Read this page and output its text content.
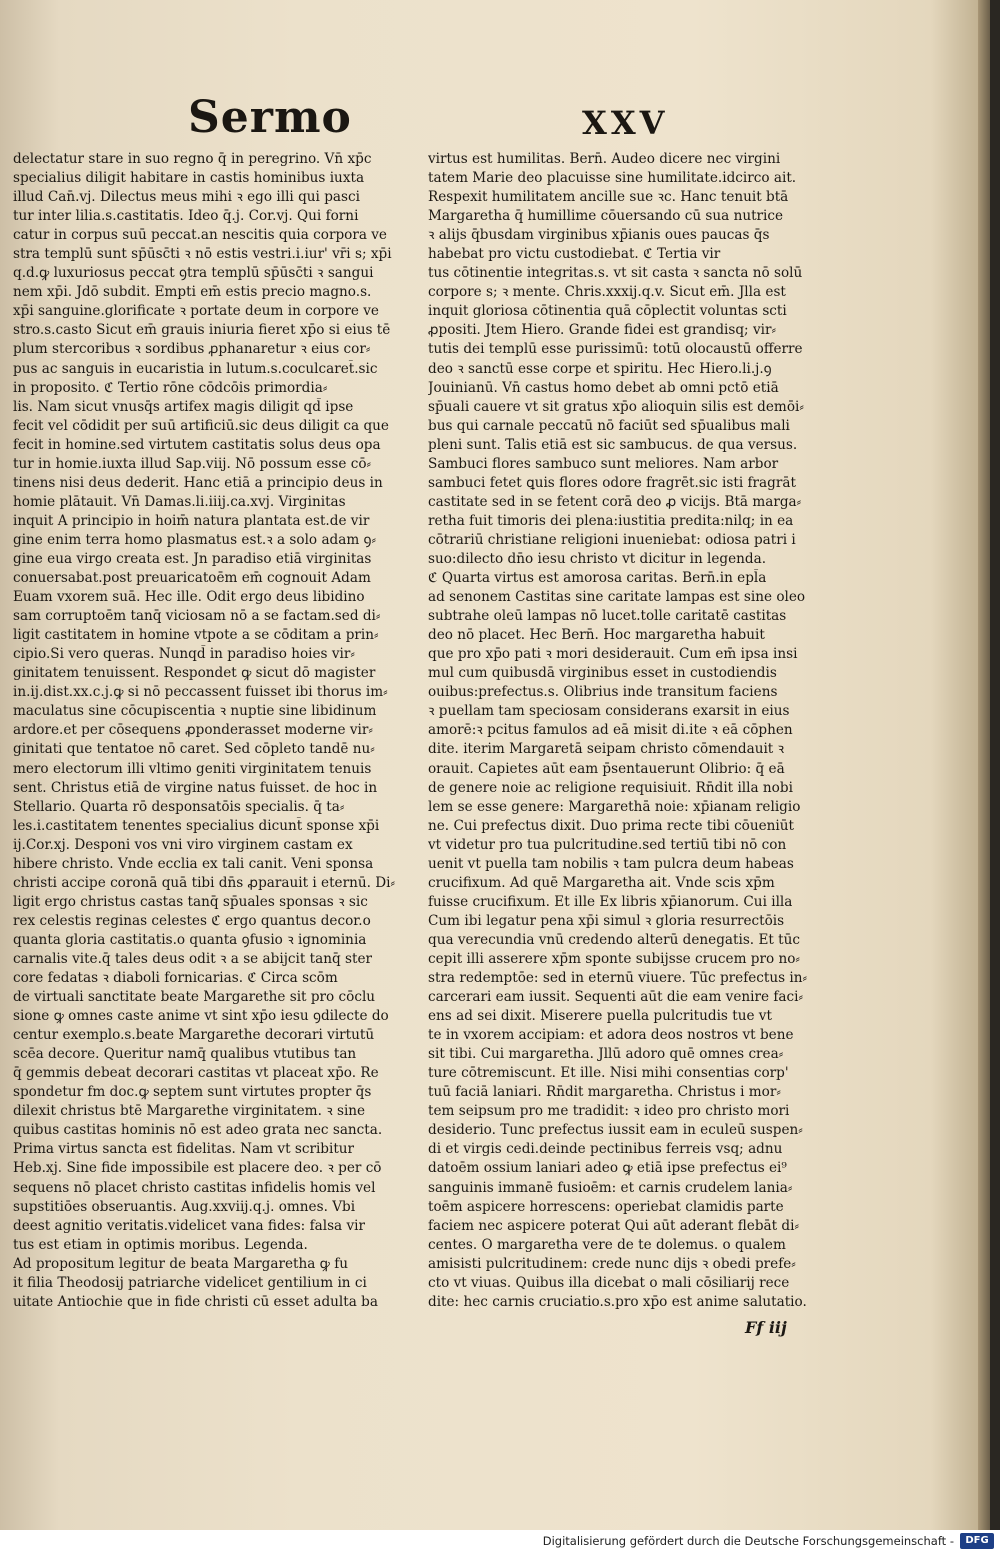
Sermo	XXV
delectatur stare in suo regno q̄ in peregrino. Vn̄ xp̄c
specialius diligit habitare in castis hominibus iuxta
illud Can̄.vj. Dilectus meus mihi ꝛ ego illi qui pasci
tur inter lilia.s.castitatis. Ideo q̄.j. Cor.vj. Qui forni
catur in corpus suū peccat.an nescitis quia corpora ve
stra templū sunt sp̄ūsc̄ti ꝛ nō estis vestri.i.iur' vr̄i s; xp̄i
q.d.ꝙ luxuriosus peccat ꝯtra templū sp̄ūsc̄ti ꝛ sangui
nem xp̄i. Jdō subdit. Empti em̄ estis precio magno.s.
xp̄i sanguine.glorificate ꝛ portate deum in corpore ve
stro.s.casto Sicut em̄ grauis iniuria fieret xp̄o si eius tē
plum stercoribus ꝛ sordibus ꝓphanaretur ꝛ eius cor⸗
pus ac sanguis in eucaristia in lutum.s.coculcaret̄.sic
in proposito. ℭ Tertio rōne cōdcōis primordia⸗
lis. Nam sicut vnusq̄s artifex magis diligit qd̄ ipse
fecit vel cōdidit per suū artificiū.sic deus diligit ca que
fecit in homine.sed virtutem castitatis solus deus opa
tur in homie.iuxta illud Sap.viij. Nō possum esse cō⸗
tinens nisi deus dederit. Hanc etiā a principio deus in
homie plātauit. Vn̄ Damas.li.iiij.ca.xvj. Virginitas
inquit A principio in hoim̄ natura plantata est.de vir
gine enim terra homo plasmatus est.ꝛ a solo adam ꝯ⸗
gine eua virgo creata est. Jn paradiso etiā virginitas
conuersabat.post preuaricatoēm em̄ cognouit Adam
Euam vxorem suā. Hec ille. Odit ergo deus libidino
sam corruptoēm tanq̄ viciosam nō a se factam.sed di⸗
ligit castitatem in homine vtpote a se cōditam a prin⸗
cipio.Si vero queras. Nunqd̄ in paradiso hoies vir⸗
ginitatem tenuissent. Respondet ꝙ sicut dō magister
in.ij.dist.xx.c.j.ꝙ si nō peccassent fuisset ibi thorus im⸗
maculatus sine cōcupiscentia ꝛ nuptie sine libidinum
ardore.et per cōsequens ꝓponderasset moderne vir⸗
ginitati que tentatoe nō caret. Sed cōpleto tandē nu⸗
mero electorum illi vltimo geniti virginitatem tenuis
sent. Christus etiā de virgine natus fuisset. de hoc in
Stellario. Quarta rō desponsatōis specialis. q̄ ta⸗
les.i.castitatem tenentes specialius dicunt̄ sponse xp̄i
ij.Cor.xj. Desponi vos vni viro virginem castam ex
hibere christo. Vnde ecclia ex tali canit. Veni sponsa
christi accipe coronā quā tibi dn̄s ꝓparauit i eternū. Di⸗
ligit ergo christus castas tanq̄ sp̄uales sponsas ꝛ sic
rex celestis reginas celestes ℭ ergo quantus decor.o
quanta gloria castitatis.o quanta ꝯfusio ꝛ ignominia
carnalis vite.q̄ tales deus odit ꝛ a se abijcit tanq̄ ster
core fedatas ꝛ diaboli fornicarias. ℭ Circa scōm
de virtuali sanctitate beate Margarethe sit pro cōclu
sione ꝙ omnes caste anime vt sint xp̄o iesu ꝯdilecte do
centur exemplo.s.beate Margarethe decorari virtutū
scēa decore. Queritur namq̄ qualibus vtutibus tan
q̄ gemmis debeat decorari castitas vt placeat xp̄o. Re
spondetur fm doc.ꝙ septem sunt virtutes propter q̄s
dilexit christus btē Margarethe virginitatem. ꝛ sine
quibus castitas hominis nō est adeo grata nec sancta.
Prima virtus sancta est fidelitas. Nam vt scribitur
Heb.xj. Sine fide impossibile est placere deo. ꝛ per cō
sequens nō placet christo castitas infidelis homis vel
supstitiōes obseruantis. Aug.xxviij.q.j. omnes. Vbi
deest agnitio veritatis.videlicet vana fides: falsa vir
tus est etiam in optimis moribus. Legenda.
Ad propositum legitur de beata Margaretha ꝙ fu
it filia Theodosij patriarche videlicet gentilium in ci
uitate Antiochie que in fide christi cū esset adulta ba
virtus est humilitas. Bern̄. Audeo dicere nec virgini
tatem Marie deo placuisse sine humilitate.idcirco ait.
Respexit humilitatem ancille sue ꝛc. Hanc tenuit btā
Margaretha q̄ humillime cōuersando cū sua nutrice
ꝛ alijs q̄busdam virginibus xp̄ianis oues paucas q̄s
habebat pro victu custodiebat. ℭ Tertia vir
tus cōtinentie integritas.s. vt sit casta ꝛ sancta nō solū
corpore s; ꝛ mente. Chris.xxxij.q.v. Sicut em̄. Jlla est
inquit gloriosa cōtinentia quā cōplectit voluntas scti
ꝓpositi. Jtem Hiero. Grande fidei est grandisq; vir⸗
tutis dei templū esse purissimū: totū olocaustū offerre
deo ꝛ sanctū esse corpe et spiritu. Hec Hiero.li.j.ꝯ
Jouinianū. Vn̄ castus homo debet ab omni pctō etiā
sp̄uali cauere vt sit gratus xp̄o alioquin silis est demōi⸗
bus qui carnale peccatū nō faciūt sed sp̄ualibus mali
pleni sunt. Talis etiā est sic sambucus. de qua versus.
Sambuci flores sambuco sunt meliores. Nam arbor
sambuci fetet ꝗuis flores odore fragrēt.sic isti fragrāt
castitate sed in se fetent corā deo ꝓ vicijs. Btā marga⸗
retha fuit timoris dei plena:iustitia predita:nilq; in ea
cōtrariū christiane religioni inueniebat: odiosa patri i
suo:dilecto dn̄o iesu christo vt dicitur in legenda.
ℭ Quarta virtus est amorosa caritas. Bern̄.in epl̄a
ad senonem Castitas sine caritate lampas est sine oleo
subtrahe oleū lampas nō lucet.tolle caritatē castitas
deo nō placet. Hec Bern̄. Hoc margaretha habuit
que pro xp̄o pati ꝛ mori desiderauit. Cum em̄ ipsa insi
mul cum quibusdā virginibus esset in custodiendis
ouibus:prefectus.s. Olibrius inde transitum faciens
ꝛ puellam tam speciosam considerans exarsit in eius
amorē:ꝛ pcitus famulos ad eā misit di.ite ꝛ eā cōphen
dite. iterim Margaretā seipam christo cōmendauit ꝛ
orauit. Capietes aūt eam p̄sentauerunt Olibrio: q̄ eā
de genere noie ac religione requisiuit. Rn̄dit illa nobi
lem se esse genere: Margarethā noie: xp̄ianam religio
ne. Cui prefectus dixit. Duo prima recte tibi cōueniūt
vt videtur pro tua pulcritudine.sed tertiū tibi nō con
uenit vt puella tam nobilis ꝛ tam pulcra deum habeas
crucifixum. Ad quē Margaretha ait. Vnde scis xp̄m
fuisse crucifixum. Et ille Ex libris xp̄ianorum. Cui illa
Cum ibi legatur pena xp̄i simul ꝛ gloria resurrectōis
qua verecundia vnū credendo alterū denegatis. Et tūc
cepit illi asserere xp̄m sponte subijsse crucem pro no⸗
stra redemptōe: sed in eternū viuere. Tūc prefectus in⸗
carcerari eam iussit. Sequenti aūt die eam venire faci⸗
ens ad sei dixit. Miserere puella pulcritudis tue vt
te in vxorem accipiam: et adora deos nostros vt bene
sit tibi. Cui margaretha. Jllū adoro quē omnes crea⸗
ture cōtremiscunt. Et ille. Nisi mihi consentias corp'
tuū faciā laniari. Rn̄dit margaretha. Christus i mor⸗
tem seipsum pro me tradidit: ꝛ ideo pro christo mori
desiderio. Tunc prefectus iussit eam in eculeū suspen⸗
di et virgis cedi.deinde pectinibus ferreis vsq; adnu
datoēm ossium laniari adeo ꝙ etiā ipse prefectus ei⁹
sanguinis immanē fusioēm: et carnis crudelem lania⸗
toēm aspicere horrescens: operiebat clamidis parte
faciem nec aspicere poterat Qui aūt aderant flebāt di⸗
centes. O margaretha vere de te dolemus. o qualem
amisisti pulcritudinem: crede nunc dijs ꝛ obedi prefe⸗
cto vt viuas. Quibus illa dicebat o mali cōsiliarij rece
dite: hec carnis cruciatio.s.pro xp̄o est anime salutatio.
Ff iij
Digitalisierung gefördert durch die Deutsche Forschungsgemeinschaft -	DFG
